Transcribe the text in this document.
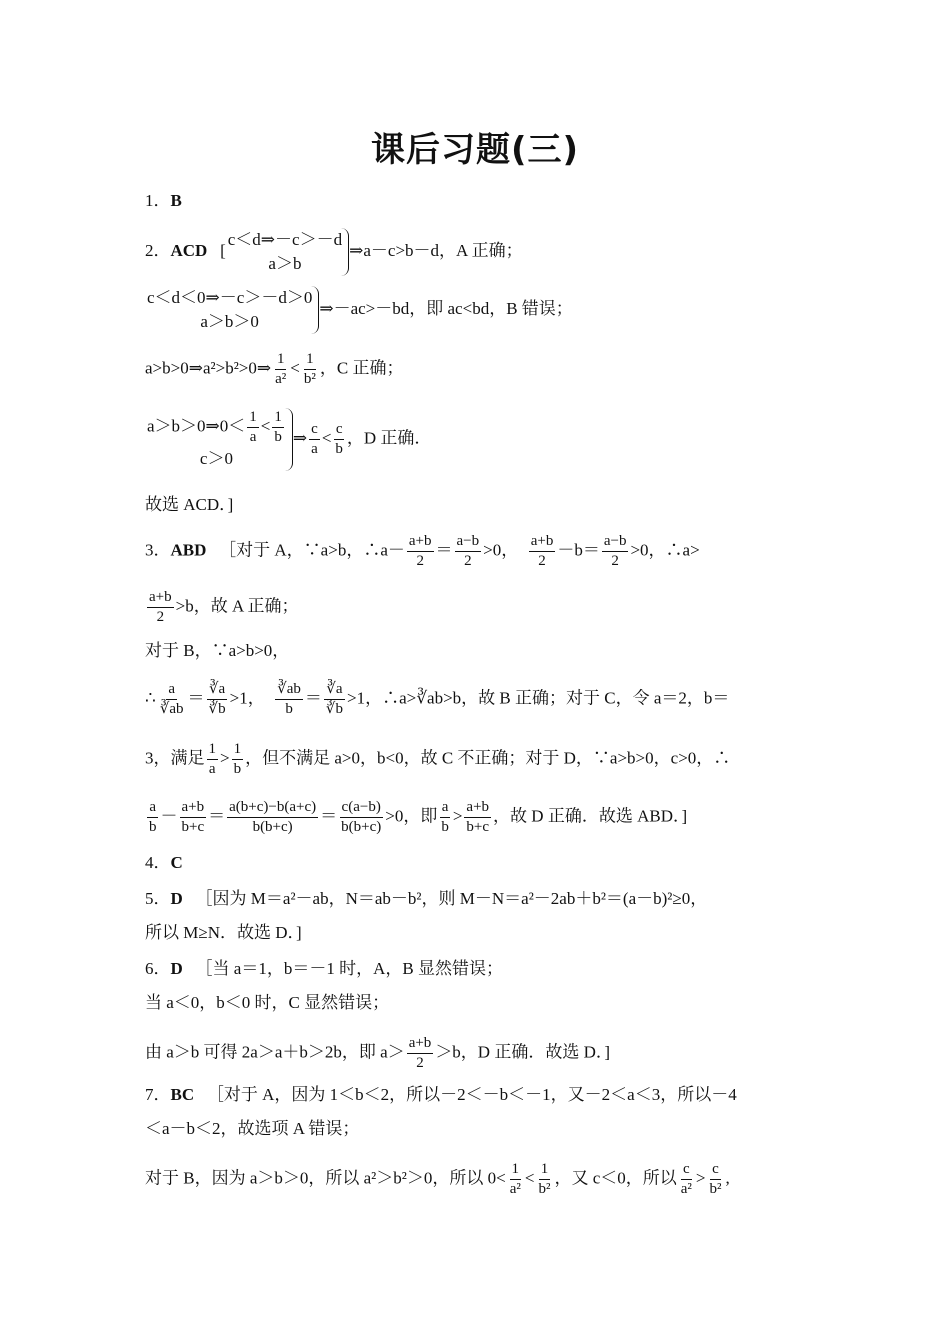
课后习题(三)
1．B
2．ACD   [
c＜d⇒－c＞－d
a＞b
⇒a－c>b－d，A 正确；
c＜d＜0⇒－c＞－d＞0
a＞b＞0
⇒－ac>－bd，即 ac<bd，B 错误；
a>b>0⇒a²>b²>0⇒ $\frac{1}{\text{a²}} < \frac{1}{\text{b²}}$ ，C 正确；
a＞b＞0⇒0＜ $\frac{1}{a} < \frac{1}{b}$
c＞0
⇒ $\frac{c}{a} < \frac{c}{b}$ ，D 正确．
故选 ACD．]
3．ABD ［对于 A，∵a>b，∴a－ $\frac{a+b}{2} = \frac{a-b}{2} >0$， $\frac{a+b}{2} -b= \frac{a-b}{2} >0$，∴a>
$\frac{a+b}{2} >b$，故 A 正确；
对于 B，∵a>b>0，
∴ $\frac{a}{∛ab} = \frac{∛a}{∛b} >1$， $\frac{∛ab}{b} = \frac{∛a}{∛b} >1$，∴a>∛ab>b，故 B 正确；对于 C，令 a＝2，b＝
3，满足 $\frac{1}{a} > \frac{1}{b}$ ，但不满足 a>0，b<0，故 C 不正确；对于 D，∵a>b>0，c>0，∴
$\frac{a}{b} - \frac{a+b}{b+c} = \frac{a(b+c)-b(a+c)}{b(b+c)} = \frac{c(a-b)}{b(b+c)} >0$，即 $\frac{a}{b} > \frac{a+b}{b+c}$ ，故 D 正确．故选 ABD．]
4．C
5．D ［因为 M＝a²－ab，N＝ab－b²，则 M－N＝a²－2ab＋b²＝(a－b)²≥0，
所以 M≥N．故选 D．]
6．D ［当 a＝1，b＝－1 时，A，B 显然错误；
当 a＜0，b＜0 时，C 显然错误；
由 a＞b 可得 2a＞a＋b＞2b，即 $a> \frac{a+b}{2} >b$，D 正确．故选 D．]
7．BC ［对于 A，因为 1＜b＜2，所以－2＜－b＜－1，又－2＜a＜3，所以－4
＜a－b＜2，故选项 A 错误；
对于 B，因为 a＞b＞0，所以 a²＞b²＞0，所以 $0< \frac{1}{\text{a²}} < \frac{1}{\text{b²}}$ ，又 c＜0，所以 $\frac{c}{\text{a²}} > \frac{c}{\text{b²}}$ ,
